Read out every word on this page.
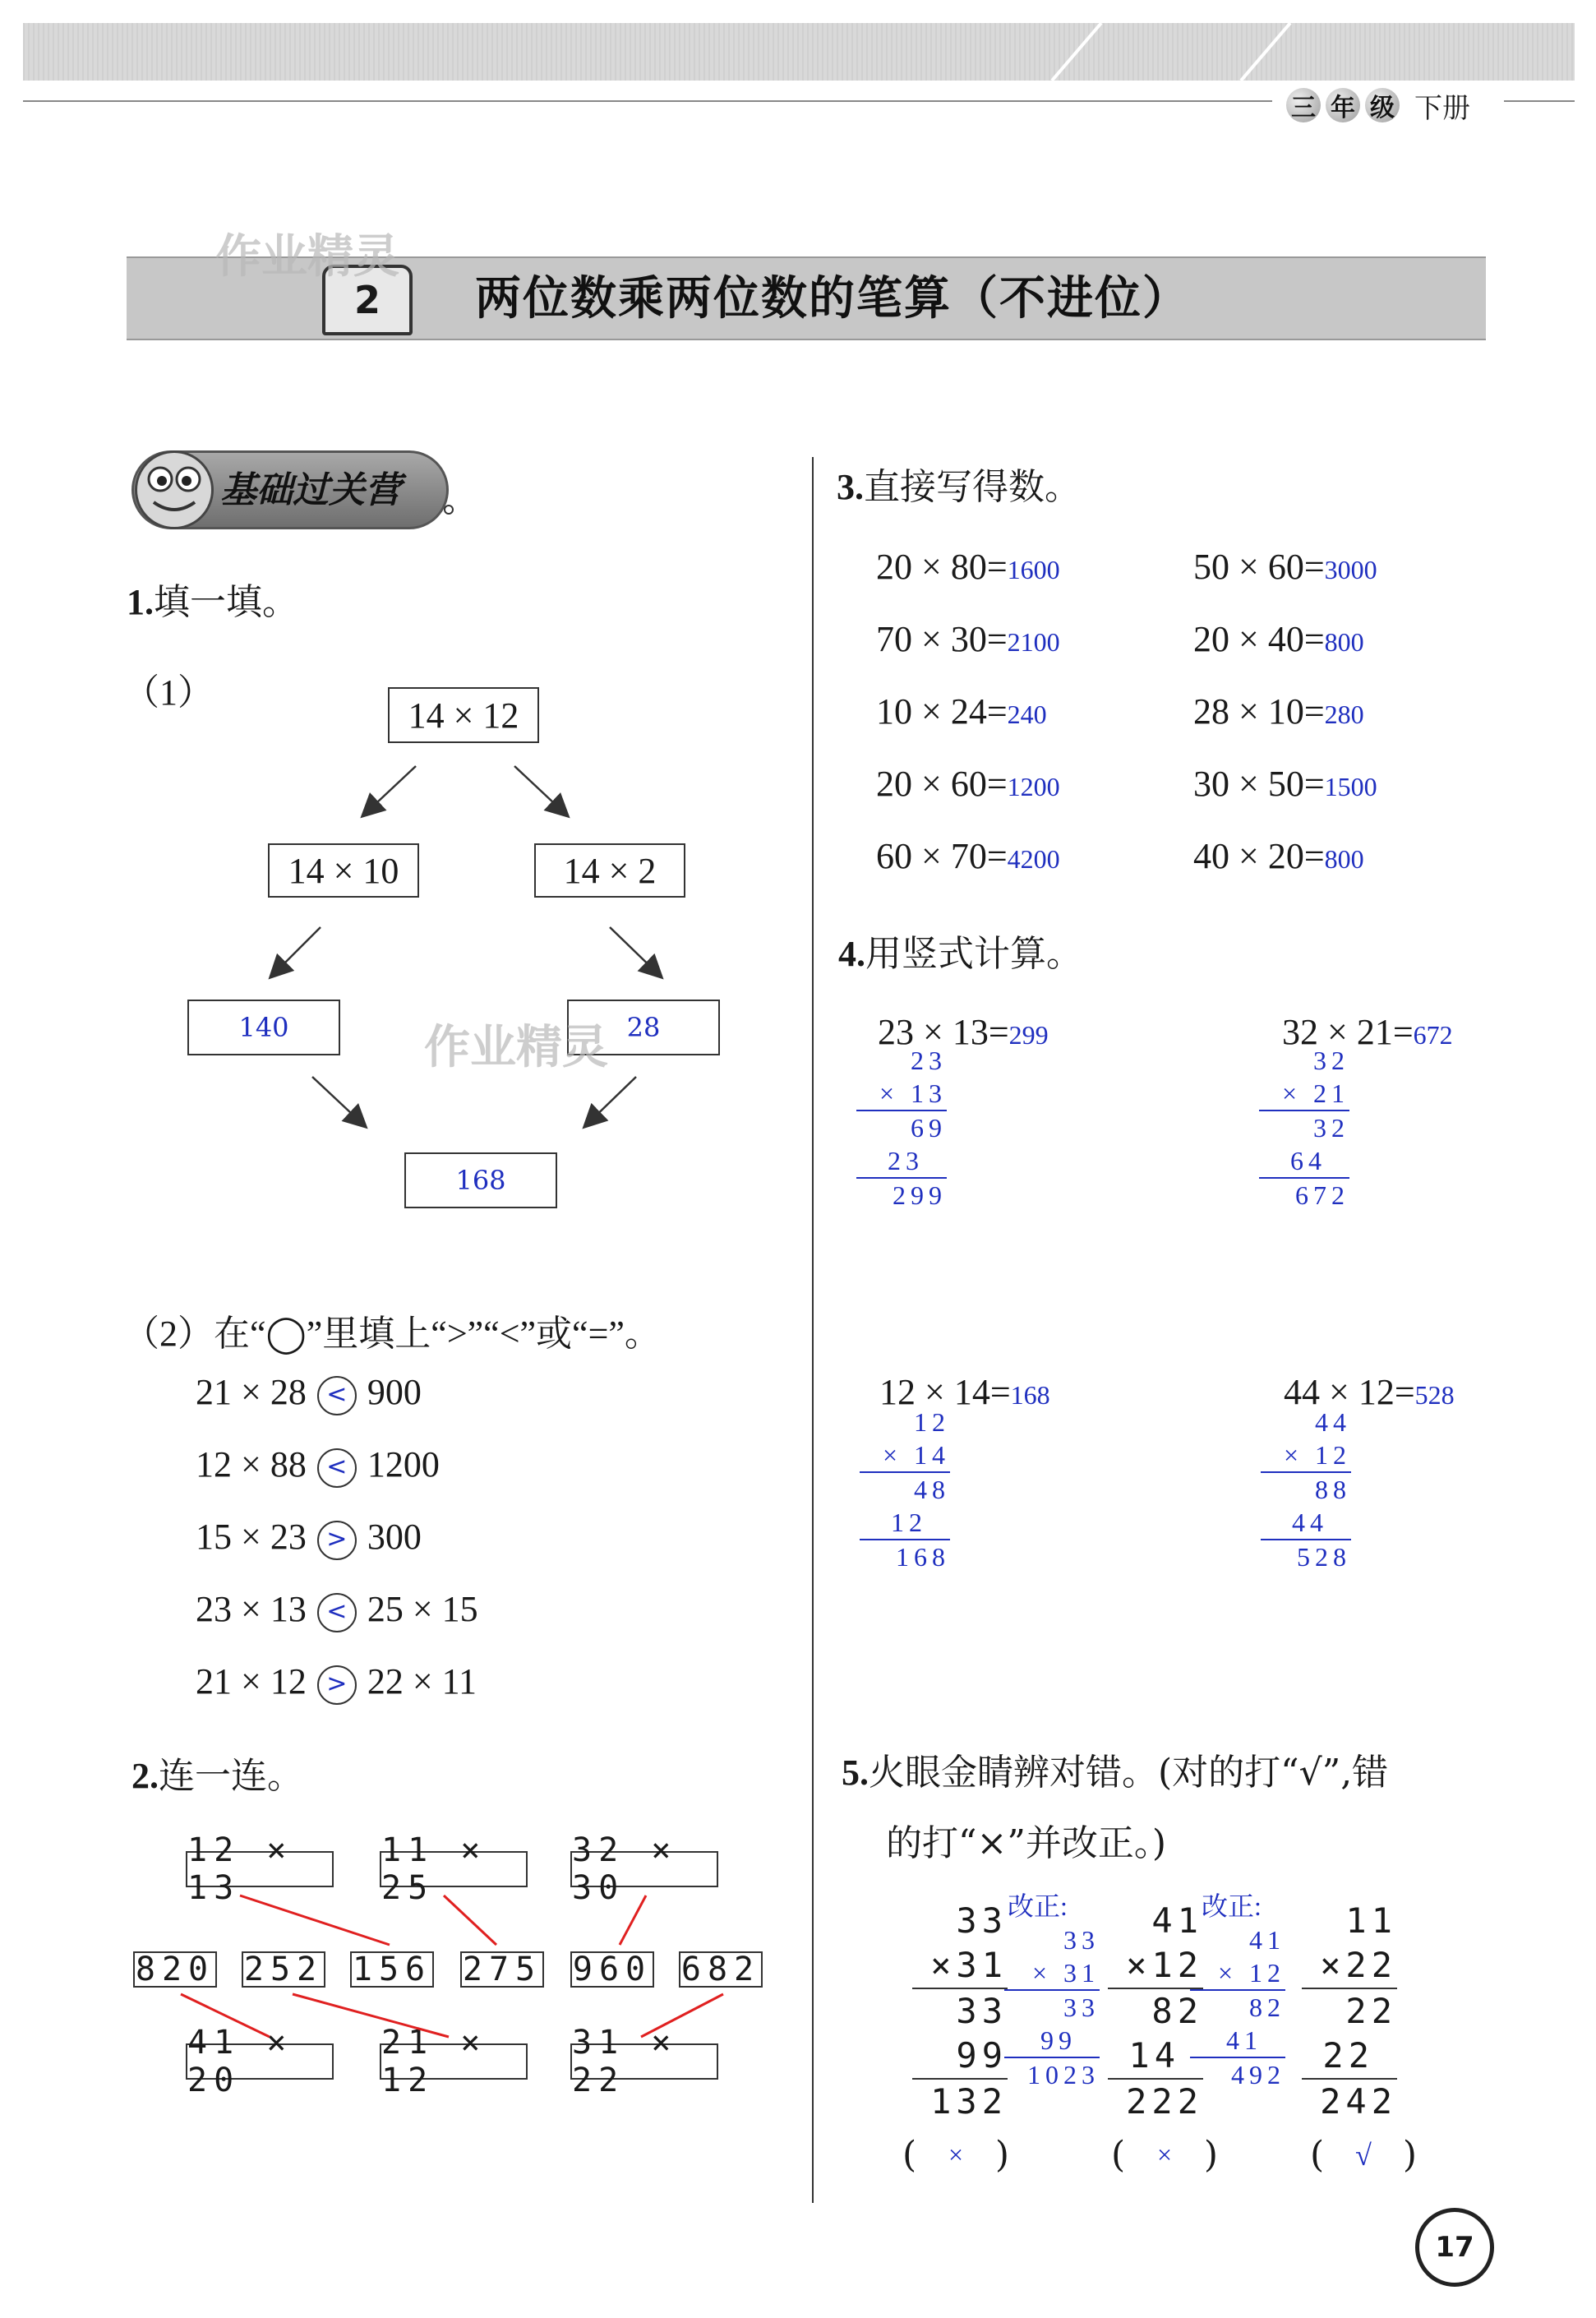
三 年 级 下册
2	两位数乘两位数的笔算（不进位）
作业精灵
基础过关营
1.填一填。
（1）
14 × 12
14 × 10	14 × 2
140	28
168
作业精灵
（2）在“◯”里填上“>”“<”或“=”。
21 × 28 < 900
12 × 88 < 1200
15 × 23 > 300
23 × 13 < 25 × 15
21 × 12 > 22 × 11
2.连一连。
12 × 13
11 × 25
32 × 30
820 252 156 275 960 682
41 × 20
21 × 12
31 × 22
3.直接写得数。
20 × 80=1600	50 × 60=3000
70 × 30=2100	20 × 40=800
10 × 24=240	28 × 10=280
20 × 60=1200	30 × 50=1500
60 × 70=4200	40 × 20=800
4.用竖式计算。
23 × 13=299
23
× 13
69
23
299
32 × 21=672
32
× 21
32
64
672
12 × 14=168
12
× 14
48
12
168
44 × 12=528
44
× 12
88
44
528
5.火眼金睛辨对错。(对的打“√”,错
的打“×”并改正。)
33
×31
33
99
132
改正:
33
× 31
33
99
1023
( × )
41
×12
82
14
222
改正:
41
× 12
82
41
492
( × )
11
×22
22
22
242
( √ )
17
